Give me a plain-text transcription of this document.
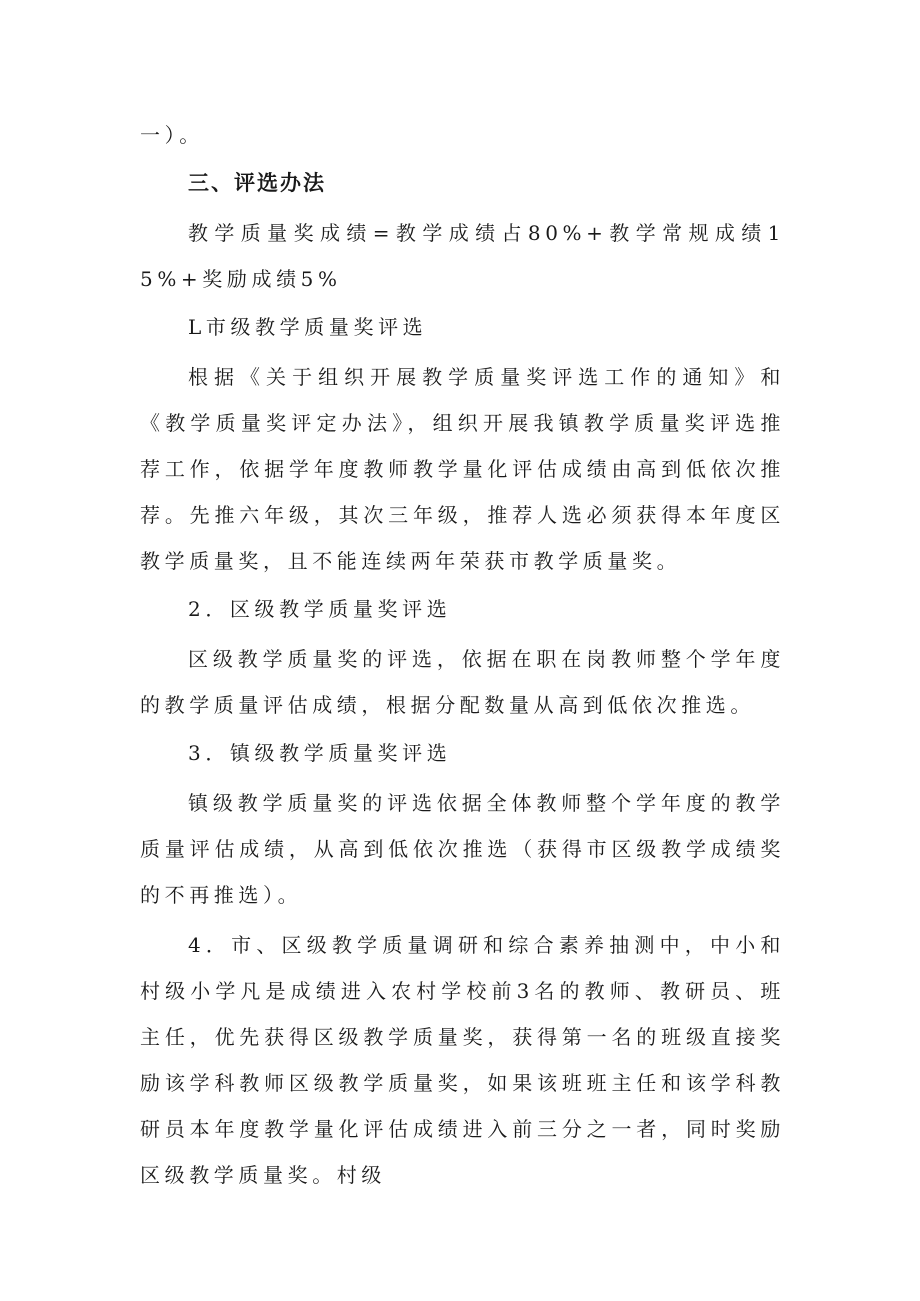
一）。

三、评选办法

教学质量奖成绩=教学成绩占80%+教学常规成绩15%+奖励成绩5%

L市级教学质量奖评选

根据《关于组织开展教学质量奖评选工作的通知》和《教学质量奖评定办法》，组织开展我镇教学质量奖评选推荐工作，依据学年度教师教学量化评估成绩由高到低依次推荐。先推六年级，其次三年级，推荐人选必须获得本年度区教学质量奖，且不能连续两年荣获市教学质量奖。

2．区级教学质量奖评选

区级教学质量奖的评选，依据在职在岗教师整个学年度的教学质量评估成绩，根据分配数量从高到低依次推选。

3．镇级教学质量奖评选

镇级教学质量奖的评选依据全体教师整个学年度的教学质量评估成绩，从高到低依次推选（获得市区级教学成绩奖的不再推选）。

4．市、区级教学质量调研和综合素养抽测中，中小和村级小学凡是成绩进入农村学校前3名的教师、教研员、班主任，优先获得区级教学质量奖，获得第一名的班级直接奖励该学科教师区级教学质量奖，如果该班班主任和该学科教研员本年度教学量化评估成绩进入前三分之一者，同时奖励区级教学质量奖。村级
